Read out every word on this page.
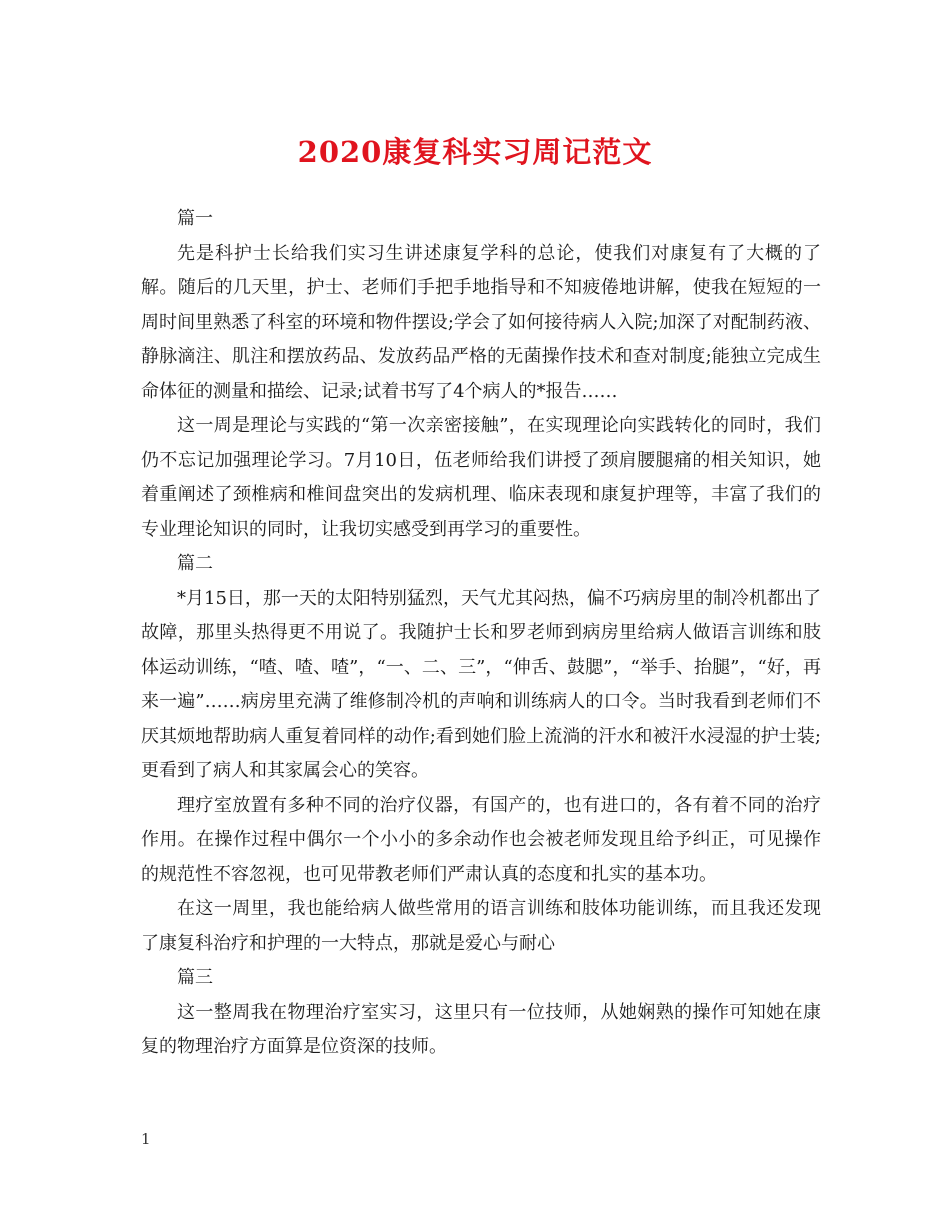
2020康复科实习周记范文

篇一

先是科护士长给我们实习生讲述康复学科的总论，使我们对康复有了大概的了解。随后的几天里，护士、老师们手把手地指导和不知疲倦地讲解，使我在短短的一周时间里熟悉了科室的环境和物件摆设;学会了如何接待病人入院;加深了对配制药液、静脉滴注、肌注和摆放药品、发放药品严格的无菌操作技术和查对制度;能独立完成生命体征的测量和描绘、记录;试着书写了4个病人的*报告……

这一周是理论与实践的“第一次亲密接触”，在实现理论向实践转化的同时，我们仍不忘记加强理论学习。7月10日，伍老师给我们讲授了颈肩腰腿痛的相关知识，她着重阐述了颈椎病和椎间盘突出的发病机理、临床表现和康复护理等，丰富了我们的专业理论知识的同时，让我切实感受到再学习的重要性。

篇二

*月15日，那一天的太阳特别猛烈，天气尤其闷热，偏不巧病房里的制冷机都出了故障，那里头热得更不用说了。我随护士长和罗老师到病房里给病人做语言训练和肢体运动训练，“喳、喳、喳”，“一、二、三”，“伸舌、鼓腮”，“举手、抬腿”，“好，再来一遍”……病房里充满了维修制冷机的声响和训练病人的口令。当时我看到老师们不厌其烦地帮助病人重复着同样的动作;看到她们脸上流淌的汗水和被汗水浸湿的护士装;更看到了病人和其家属会心的笑容。

理疗室放置有多种不同的治疗仪器，有国产的，也有进口的，各有着不同的治疗作用。在操作过程中偶尔一个小小的多余动作也会被老师发现且给予纠正，可见操作的规范性不容忽视，也可见带教老师们严肃认真的态度和扎实的基本功。

在这一周里，我也能给病人做些常用的语言训练和肢体功能训练，而且我还发现了康复科治疗和护理的一大特点，那就是爱心与耐心

篇三

这一整周我在物理治疗室实习，这里只有一位技师，从她娴熟的操作可知她在康复的物理治疗方面算是位资深的技师。

1
